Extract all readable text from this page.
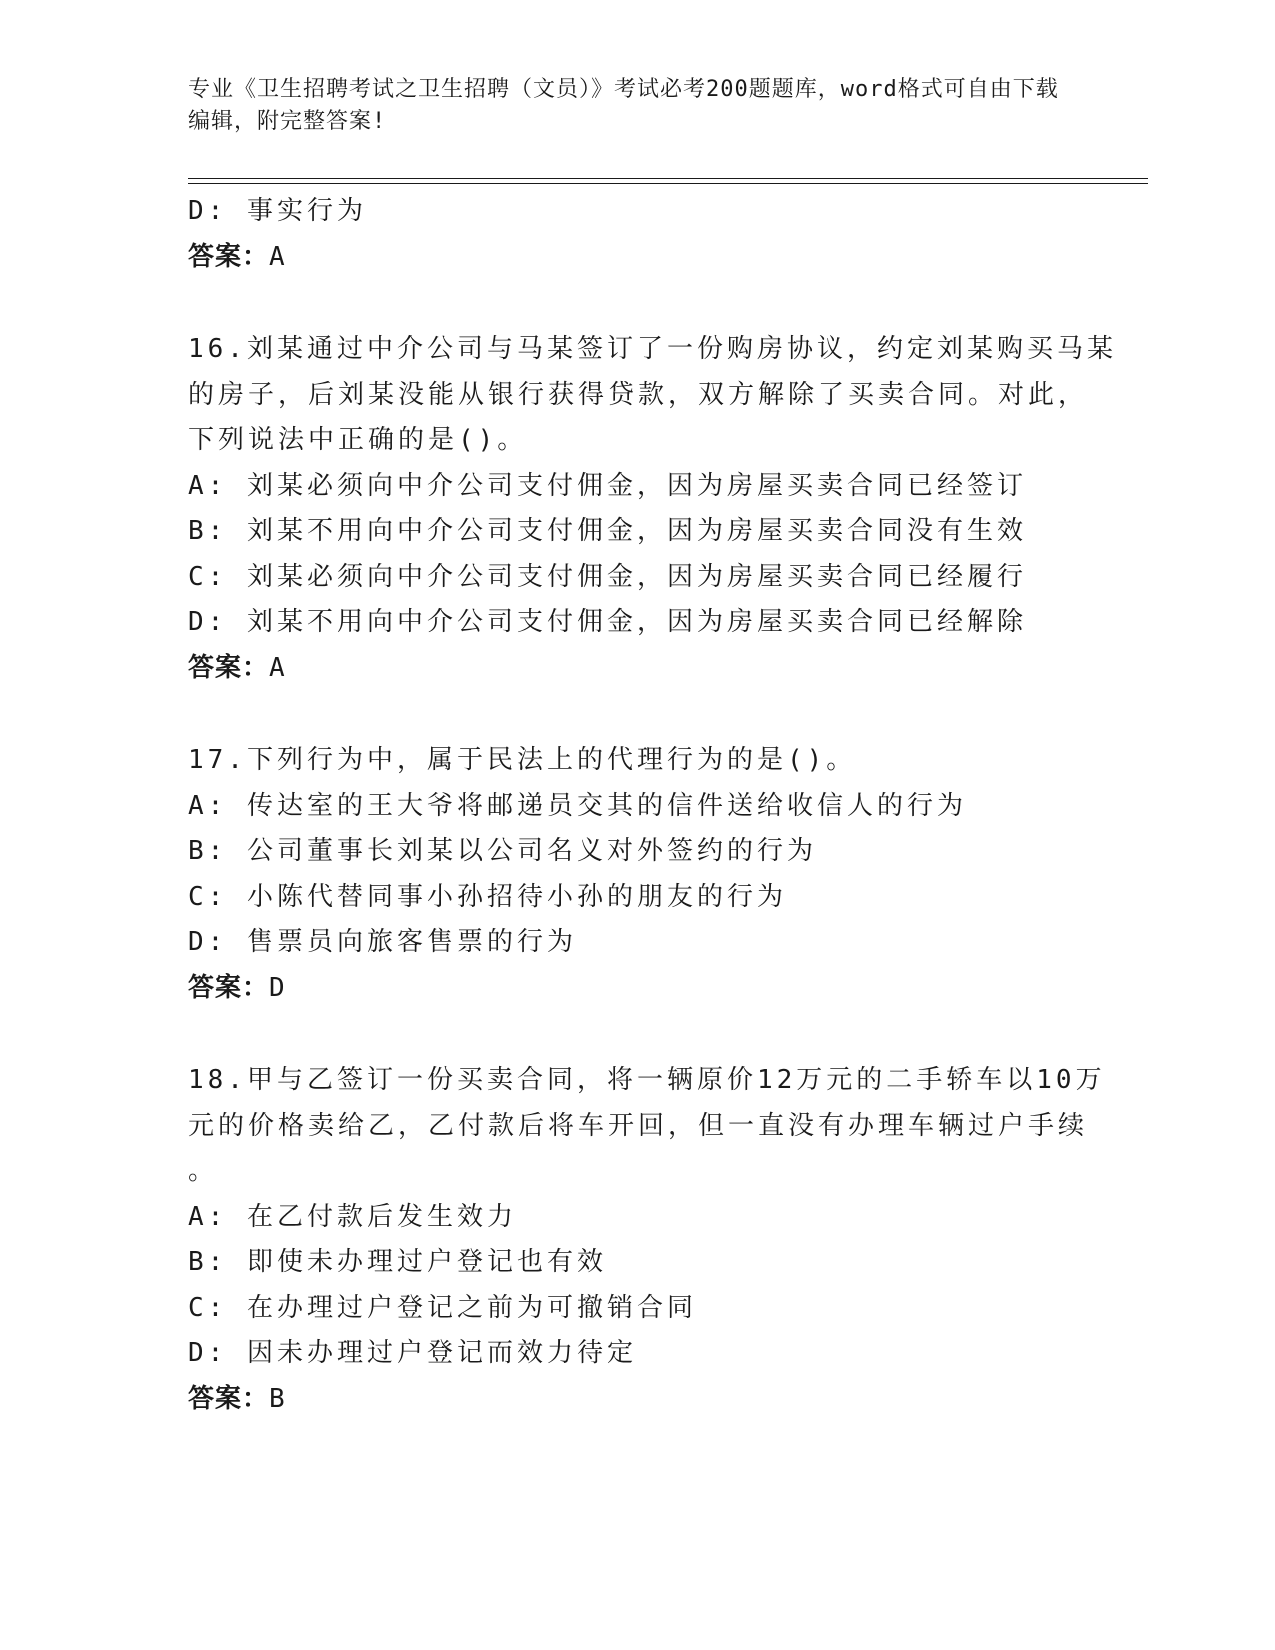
专业《卫生招聘考试之卫生招聘（文员）》考试必考200题题库，word格式可自由下载编辑，附完整答案!
D: 事实行为
答案：A
16.刘某通过中介公司与马某签订了一份购房协议，约定刘某购买马某
的房子，后刘某没能从银行获得贷款，双方解除了买卖合同。对此，
下列说法中正确的是()。
A: 刘某必须向中介公司支付佣金，因为房屋买卖合同已经签订
B: 刘某不用向中介公司支付佣金，因为房屋买卖合同没有生效
C: 刘某必须向中介公司支付佣金，因为房屋买卖合同已经履行
D: 刘某不用向中介公司支付佣金，因为房屋买卖合同已经解除
答案：A
17.下列行为中，属于民法上的代理行为的是()。
A: 传达室的王大爷将邮递员交其的信件送给收信人的行为
B: 公司董事长刘某以公司名义对外签约的行为
C: 小陈代替同事小孙招待小孙的朋友的行为
D: 售票员向旅客售票的行为
答案：D
18.甲与乙签订一份买卖合同，将一辆原价12万元的二手轿车以10万
元的价格卖给乙，乙付款后将车开回，但一直没有办理车辆过户手续
。
A: 在乙付款后发生效力
B: 即使未办理过户登记也有效
C: 在办理过户登记之前为可撤销合同
D: 因未办理过户登记而效力待定
答案：B
